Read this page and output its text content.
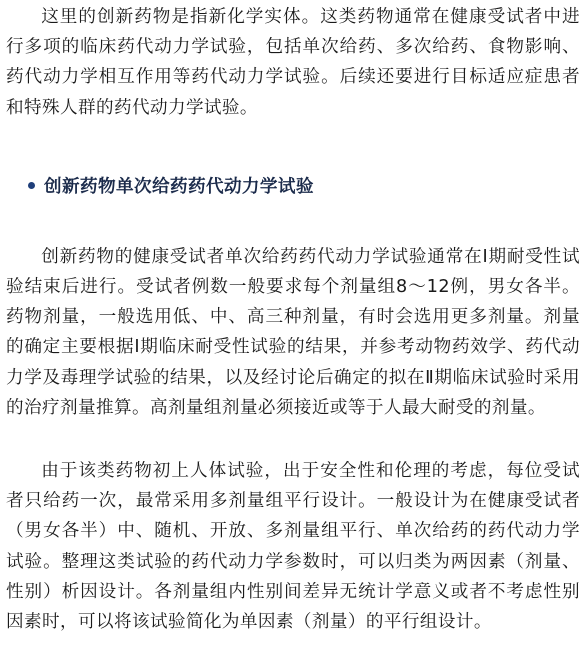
这里的创新药物是指新化学实体。这类药物通常在健康受试者中进行多项的临床药代动力学试验，包括单次给药、多次给药、食物影响、药代动力学相互作用等药代动力学试验。后续还要进行目标适应症患者和特殊人群的药代动力学试验。

创新药物单次给药药代动力学试验

创新药物的健康受试者单次给药药代动力学试验通常在I期耐受性试验结束后进行。受试者例数一般要求每个剂量组8～12例，男女各半。药物剂量，一般选用低、中、高三种剂量，有时会选用更多剂量。剂量的确定主要根据Ⅰ期临床耐受性试验的结果，并参考动物药效学、药代动力学及毒理学试验的结果，以及经讨论后确定的拟在Ⅱ期临床试验时采用的治疗剂量推算。高剂量组剂量必须接近或等于人最大耐受的剂量。

由于该类药物初上人体试验，出于安全性和伦理的考虑，每位受试者只给药一次，最常采用多剂量组平行设计。一般设计为在健康受试者（男女各半）中、随机、开放、多剂量组平行、单次给药的药代动力学试验。整理这类试验的药代动力学参数时，可以归类为两因素（剂量、性别）析因设计。各剂量组内性别间差异无统计学意义或者不考虑性别因素时，可以将该试验简化为单因素（剂量）的平行组设计。
